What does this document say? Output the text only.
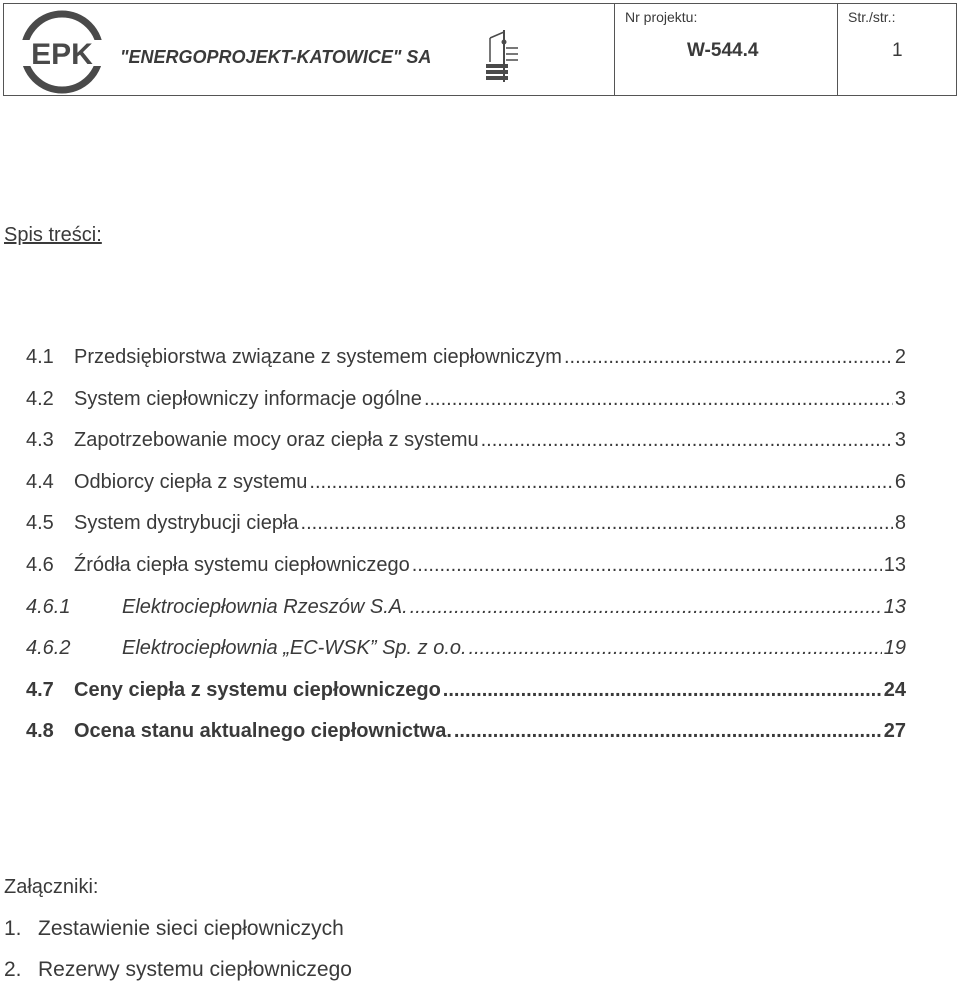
EPK "ENERGOPROJEKT-KATOWICE" SA
Nr projektu:
W-544.4
Str./str.:
1
Spis treści:
4.1	Przedsiębiorstwa związane z systemem ciepłowniczym .....	2
4.2	System ciepłowniczy informacje ogólne .....	3
4.3	Zapotrzebowanie mocy oraz ciepła z systemu .....	3
4.4	Odbiorcy ciepła z systemu .....	6
4.5	System dystrybucji ciepła .....	8
4.6	Źródła ciepła systemu ciepłowniczego .....	13
4.6.1	Elektrociepłownia Rzeszów S.A. .....	13
4.6.2	Elektrociepłownia „EC-WSK” Sp. z o.o. .....	19
4.7	Ceny ciepła z systemu ciepłowniczego .....	24
4.8	Ocena stanu aktualnego ciepłownictwa. .....	27
Załączniki:
1. Zestawienie sieci ciepłowniczych
2. Rezerwy systemu ciepłowniczego
